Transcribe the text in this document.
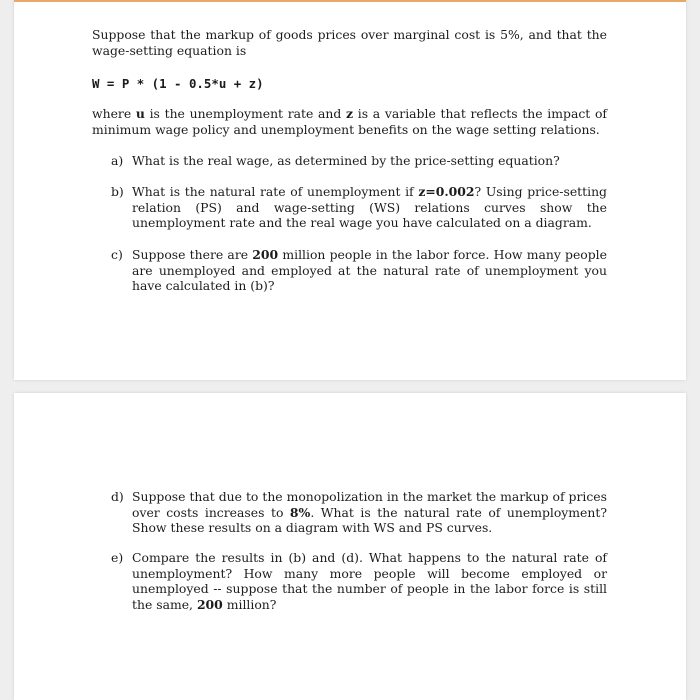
Suppose that the markup of goods prices over marginal cost is 5%, and that the wage-setting equation is

W = P * (1 - 0.5*u + z)

where u is the unemployment rate and z is a variable that reflects the impact of minimum wage policy and unemployment benefits on the wage setting relations.

a) What is the real wage, as determined by the price-setting equation?
b) What is the natural rate of unemployment if z=0.002? Using price-setting relation (PS) and wage-setting (WS) relations curves show the unemployment rate and the real wage you have calculated on a diagram.
c) Suppose there are 200 million people in the labor force. How many people are unemployed and employed at the natural rate of unemployment you have calculated in (b)?
d) Suppose that due to the monopolization in the market the markup of prices over costs increases to 8%. What is the natural rate of unemployment? Show these results on a diagram with WS and PS curves.
e) Compare the results in (b) and (d). What happens to the natural rate of unemployment? How many more people will become employed or unemployed -- suppose that the number of people in the labor force is still the same, 200 million?
